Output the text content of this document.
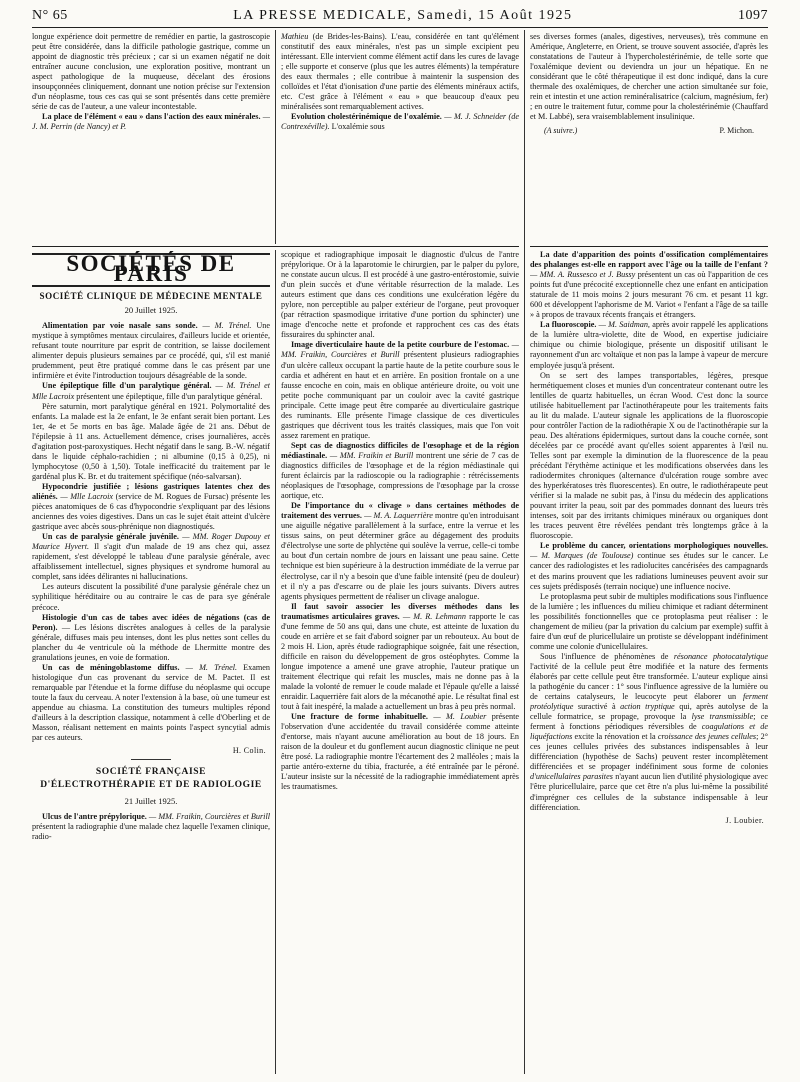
N° 65	LA PRESSE MEDICALE, Samedi, 15 Août 1925	1097

longue expérience doit permettre de remédier en partie, la gastroscopie peut être considérée, dans la difficile pathologie gastrique, comme un appoint de diagnostic très précieux ; car si un examen négatif ne doit entraîner aucune conclusion, une exploration positive, montrant un aspect pathologique de la muqueuse, décelant des érosions insoupçonnées cliniquement, donnant une notion précise sur l'extension d'un néoplasme, tous ces cas qui se sont présentés dans cette première série de cas de l'auteur, a une valeur incontestable.

La place de l'élément « eau » dans l'action des eaux minérales. — J. M. Perrin (de Nancy) et P.

Mathieu (de Brides-les-Bains). L'eau, considérée en tant qu'élément constitutif des eaux minérales, n'est pas un simple excipient peu intéressant. Elle intervient comme élément actif dans les cures de lavage ; elle supporte et conserve (plus que les autres éléments) la température des eaux thermales ; elle contribue à maintenir la suspension des colloïdes et l'état d'ionisation d'une partie des éléments minéraux actifs, etc. C'est grâce à l'élément « eau » que beaucoup d'eaux peu minéralisées sont remarquablement actives.

Evolution cholestérinémique de l'oxalémie. — M. J. Schneider (de Contrexéville). L'oxalémie sous

ses diverses formes (anales, digestives, nerveuses), très commune en Amérique, Angleterre, en Orient, se trouve souvent associée, d'après les constatations de l'auteur à l'hypercholestérinémie, de telle sorte que l'oxalémique devient ou deviendra un jour un hépatique. En ne considérant que le côté thérapeutique il est donc indiqué, dans la cure thermale des oxalémiques, de chercher une action simultanée sur foie, rein et intestin et une action reminéralisatrice (calcium, magnésium, fer) ; en outre le traitement futur, comme pour la cholestérinémie (Chauffard et M. Labbé), sera vraisemblablement insulinique.

(A suivre.)	P. Michon.
SOCIÉTÉS DE PARIS
SOCIÉTÉ CLINIQUE DE MÉDECINE MENTALE
20 Juillet 1925.

Alimentation par voie nasale sans sonde. — M. Trénel. Une mystique à symptômes mentaux circulaires, d'ailleurs lucide et orientée, refusant toute nourriture par esprit de contrition, se laisse docilement alimenter depuis plusieurs semaines par ce procédé, qui, s'il est manié prudemment, peut être pratiqué comme dans le cas présent par une infirmière et évite l'introduction toujours désagréable de la sonde.

Une épileptique fille d'un paralytique général. — M. Trénel et Mlle Lacroix présentent une épileptique, fille d'un paralytique général.

Père saturnin, mort paralytique général en 1921. Polymortalité des enfants. La malade est la 2e enfant, le 3e enfant serait bien portant. Les 1er, 4e et 5e morts en bas âge. Malade âgée de 21 ans. Début de l'épilepsie à 11 ans. Actuellement démence, crises journalières, accès d'agitation post-paroxystiques. Hecht négatif dans le sang. B.-W. négatif dans le liquide céphalo-rachidien ; ni albumine (0,15 à 0,25), ni lymphocytose (0,50 à 1,50). Totale inefficacité du traitement par le gardénal plus K. Br. et du traitement spécifique (néo-salvarsan).

Hypocondrie justifiée ; lésions gastriques latentes chez des aliénés. — Mlle Lacroix (service de M. Rogues de Fursac) présente les pièces anatomiques de 6 cas d'hypocondrie s'expliquant par des lésions anciennes des voies digestives. Dans un cas le sujet était atteint d'ulcère gastrique avec abcès sous-phrénique non diagnostiqués.

Un cas de paralysie générale juvénile. — MM. Roger Dupouy et Maurice Hyvert. Il s'agit d'un malade de 19 ans chez qui, assez rapidement, s'est développé le tableau d'une paralysie générale, avec affaiblissement intellectuel, signes physiques et syndrome humoral au complet, sans idées délirantes ni hallucinations.

Les auteurs discutent la possibilité d'une paralysie générale chez un syphilitique héréditaire ou au contraire le cas de para sye générale précoce.

Histologie d'un cas de tabes avec idées de négations (cas de Peron). — Les lésions discrètes analogues à celles de la paralysie générale, diffuses mais peu intenses, dont les plus nettes sont celles du plancher du 4e ventricule où la méthode de Lhermitte montre des granulations jeunes, en voie de formation.

Un cas de méningoblastome diffus. — M. Trénel. Examen histologique d'un cas provenant du service de M. Pactet. Il est remarquable par l'étendue et la forme diffuse du néoplasme qui occupe toute la faux du cerveau. A noter l'extension à la base, où une tumeur est appendue au chiasma. La constitution des tumeurs multiples répond d'ailleurs à la description classique, notamment à celle d'Oberling et de Masson, réalisant nettement en maints points l'aspect syncytial admis par ces auteurs.

H. Colin.
SOCIÉTÉ FRANÇAISE
D'ÉLECTROTHÉRAPIE ET DE RADIOLOGIE
21 Juillet 1925.

Ulcus de l'antre prépylorique. — MM. Fraikin, Courcières et Burill présentent la radiographie d'une malade chez laquelle l'examen clinique, radio-

scopique et radiographique imposait le diagnostic d'ulcus de l'antre prépylorique. Or à la laparotomie le chirurgien, par le palper du pylore, ne constate aucun ulcus. Il est procédé à une gastro-entérostomie, suivie d'un plein succès et d'une véritable résurrection de la malade. Les auteurs estiment que dans ces conditions une exulcération légère du pylore, non perceptible au palper extérieur de l'organe, peut provoquer (par rétraction spasmodique irritative d'une portion du sphincter) une image d'encoche nette et profonde et rapprochent ces cas des états fissuraires du sphincter anal.

Image diverticulaire haute de la petite courbure de l'estomac. — MM. Fraikin, Courcières et Burill présentent plusieurs radiographies d'un ulcère calleux occupant la partie haute de la petite courbure sous le cardia et adhérent en haut et en arrière. En position frontale on a une fausse encoche en coin, mais en oblique antérieure droite, ou voit une petite poche communiquant par un couloir avec la cavité gastrique principale. Cette image peut être comparée au diverticulaire gastrique des ruminants. Elle présente l'image classique de ces diverticules gastriques que décrivent tous les traités classiques, mais que l'on voit assez rarement en pratique.

Sept cas de diagnostics difficiles de l'œsophage et de la région médiastinale. — MM. Fraikin et Burill montrent une série de 7 cas de diagnostics difficiles de l'œsophage et de la région médiastinale qui furent éclaircis par la radioscopie ou la radiographie : rétrécissements néoplasiques de l'œsophage, compressions de l'œsophage par la crosse aortique, etc.

De l'importance du « clivage » dans certaines méthodes de traitement des verrues. — M. A. Laquerrière montre qu'en introduisant une aiguille négative parallèlement à la surface, entre la verrue et les tissus sains, on peut déterminer grâce au dégagement des produits d'électrolyse une sorte de phlyctène qui soulève la verrue, celle-ci tombe au bout d'un certain nombre de jours en laissant une peau saine. Cette technique est bien supérieure à la destruction immédiate de la verrue par électrolyse, car il n'y a besoin que d'une faible intensité (peu de douleur) et il n'y a pas d'escarre ou de plaie les jours suivants. Divers autres agents physiques permettent de réaliser un clivage analogue.

Il faut savoir associer les diverses méthodes dans les traumatismes articulaires graves. — M. R. Lehmann rapporte le cas d'une femme de 50 ans qui, dans une chute, est atteinte de luxation du coude en arrière et se fait d'abord soigner par un rebouteux. Au bout de 2 mois H. Lion, après étude radiographique soignée, fait une résection, difficile en raison du développement de gros ostéophytes. Comme la longue impotence a amené une grave atrophie, l'auteur pratique un traitement électrique qui refait les muscles, mais ne donne pas à la malade la volonté de remuer le coude malade et l'épaule qu'elle a laissé enraidir. Laquerrière fait alors de la mécanothé apie. Le résultat final est tout à fait inespéré, la malade a actuellement un bras à peu près normal.

Une fracture de forme inhabituelle. — M. Loubier présente l'observation d'une accidentée du travail considérée comme atteinte d'entorse, mais n'ayant aucune amélioration au bout de 18 jours. En raison de la douleur et du gonflement aucun diagnostic clinique ne peut être posé. La radiographie montre l'écartement des 2 malléoles ; mais la partie antéro-externe du tibia, fracturée, a été entraînée par le péroné. L'auteur insiste sur la nécessité de la radiographie immédiatement après les traumatismes.

La date d'apparition des points d'ossification complémentaires des phalanges est-elle en rapport avec l'âge ou la taille de l'enfant ? — MM. A. Russesco et J. Bussy présentent un cas où l'apparition de ces points fut d'une précocité exceptionnelle chez une enfant en anticipation staturale de 11 mois moins 2 jours mesurant 76 cm. et pesant 11 kgr. 600 et développent l'aphorisme de M. Variot « l'enfant a l'âge de sa taille » à propos de travaux récents français et étrangers.

La fluoroscopie. — M. Saidman, après avoir rappelé les applications de la lumière ultra-violette, dite de Wood, en expertise judiciaire chimique ou chimie biologique, présente un dispositif utilisant le rayonnement d'un arc voltaïque et non pas la lampe à vapeur de mercure employée jusqu'à présent.

On se sert des lampes transportables, légères, presque hermétiquement closes et munies d'un concentrateur contenant outre les lentilles de quartz habituelles, un écran Wood. C'est donc la source utilisée habituellement par l'actinothérapeute pour les traitements faits au lit du malade. L'auteur signale les applications de la fluoroscopie pour contrôler l'action de la radiothérapie X ou de l'actinothérapie sur la peau. Des altérations épidermiques, surtout dans la couche cornée, sont décelées par ce procédé avant qu'elles soient apparentes à l'œil nu. Telles sont par exemple la diminution de la fluorescence de la peau précédant l'érythème actinique et les modifications observées dans les radiodermites chroniques (alternance d'ulcération rouge sombre avec des hyperkératoses très fluorescentes). En outre, le radiothérapeute peut vérifier si la malade ne subit pas, à l'insu du médecin des applications pouvant irriter la peau, soit par des pommades donnant des lueurs très intenses, soit par des irritants chimiques minéraux ou organiques dont les traces peuvent être révélées pendant très longtemps grâce à la fluoroscopie.

Le problème du cancer, orientations morphologiques nouvelles. — M. Marques (de Toulouse) continue ses études sur le cancer. Le cancer des radiologistes et les radiolucites cancérisées des campagnards et des marins prouvent que les radiations lumineuses peuvent avoir sur ces sujets prédisposés (terrain nocique) une influence nocive.

Le protoplasma peut subir de multiples modifications sous l'influence de la lumière ; les influences du milieu chimique et radiant déterminent les possibilités fonctionnelles que ce protoplasma peut réaliser : le changement de milieu (par la privation du calcium par exemple) suffit à faire d'un œuf de pluricellulaire un protiste se développant indéfiniment comme une colonie d'unicellulaires.

Sous l'influence de phénomènes de résonance photocatalytique l'activité de la cellule peut être modifiée et la nature des ferments élaborés par cette cellule peut être transformée. L'auteur explique ainsi la pathogénie du cancer : 1° sous l'influence agressive de la lumière ou de certains catalyseurs, le leucocyte peut élaborer un ferment protéolytique suractivé à action tryptique qui, après autolyse de la cellule formatrice, se propage, provoque la lyse transmissible; ce ferment à fonctions périodiques réversibles de coagulations et de liquéfactions excite la rénovation et la croissance des jeunes cellules; 2° ces jeunes cellules privées des substances indispensables à leur différenciation (hypothèse de Sachs) peuvent rester incomplètement différenciées et se propager indéfiniment sous forme de colonies d'unicellulaires parasites n'ayant aucun lien d'utilité physiologique avec l'être pluricellulaire, parce que cet être n'a plus lui-même la possibilité d'imprégner ces cellules de la substance indispensable à leur différenciation.

J. Loubier.
